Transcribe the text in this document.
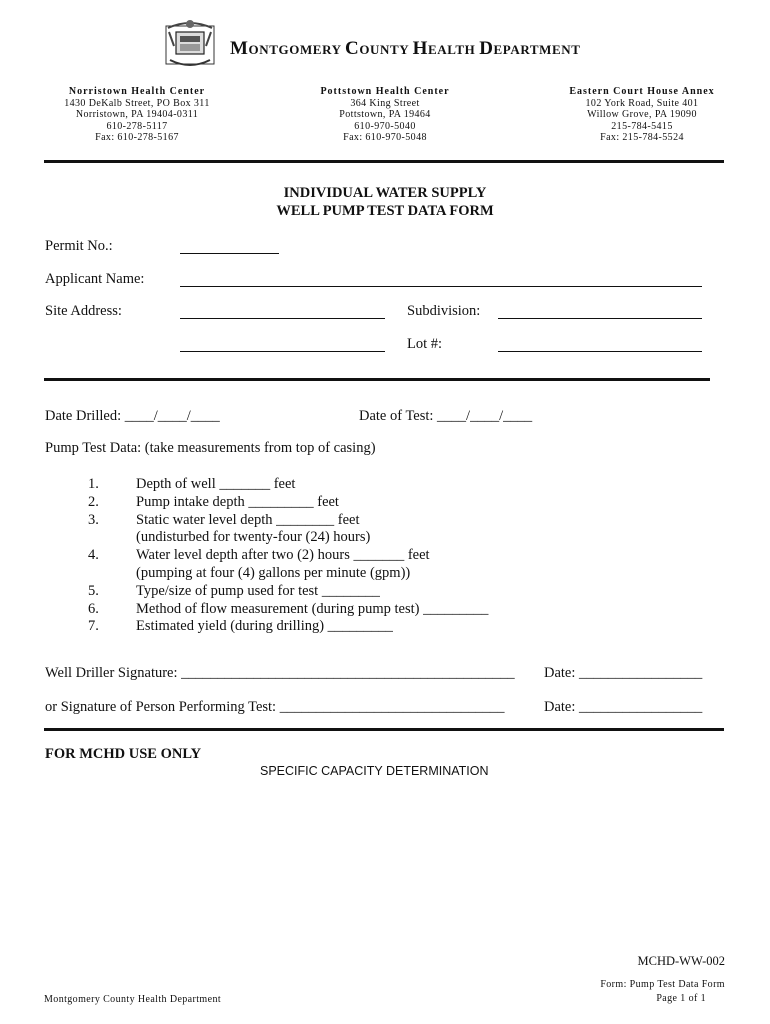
MONTGOMERY COUNTY HEALTH DEPARTMENT
Norristown Health Center
1430 DeKalb Street, PO Box 311
Norristown, PA 19404-0311
610-278-5117
Fax: 610-278-5167
Pottstown Health Center
364 King Street
Pottstown, PA 19464
610-970-5040
Fax: 610-970-5048
Eastern Court House Annex
102 York Road, Suite 401
Willow Grove, PA 19090
215-784-5415
Fax: 215-784-5524
INDIVIDUAL WATER SUPPLY
WELL PUMP TEST DATA FORM
Permit No.:
Applicant Name:
Site Address:	Subdivision:
Lot #:
Date Drilled: ____/____/____	Date of Test: ____/____/____
Pump Test Data: (take measurements from top of casing)
1.	Depth of well _______ feet
2.	Pump intake depth _________ feet
3.	Static water level depth ________ feet
(undisturbed for twenty-four (24) hours)
4.	Water level depth after two (2) hours _______ feet
(pumping at four (4) gallons per minute (gpm))
5.	Type/size of pump used for test ________
6.	Method of flow measurement (during pump test) _________
7.	Estimated yield (during drilling) _________
Well Driller Signature: ______________________________________________ Date: _________________
or Signature of Person Performing Test: _______________________________	Date: _________________
FOR MCHD USE ONLY
SPECIFIC CAPACITY DETERMINATION
MCHD-WW-002
Form: Pump Test Data Form
Page 1 of 1
Montgomery County Health Department
